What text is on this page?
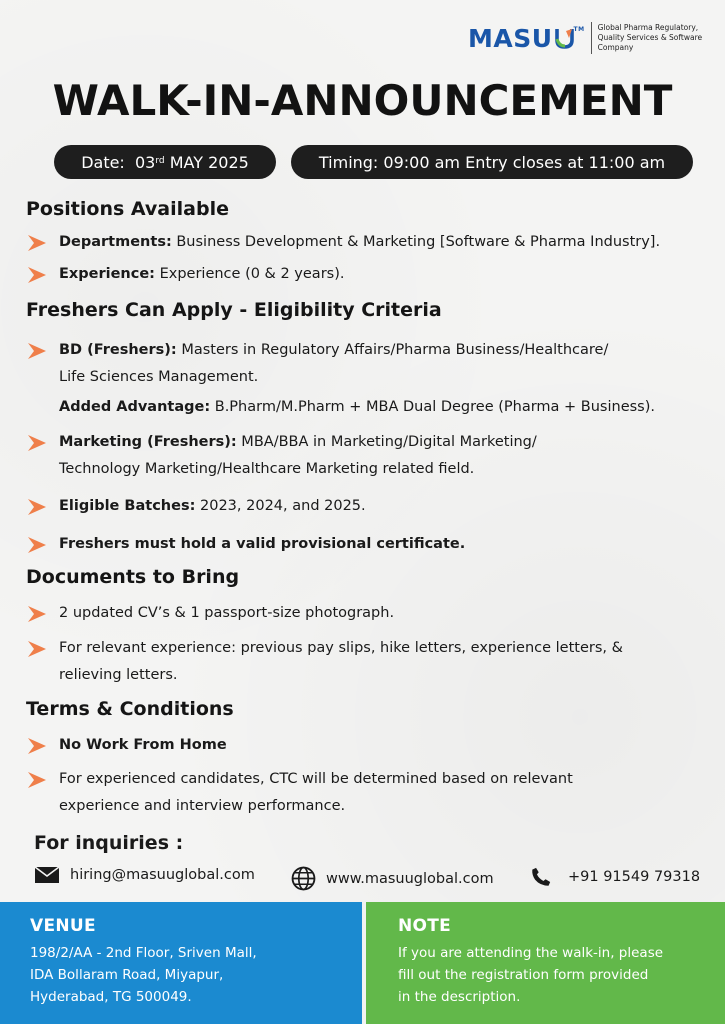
MASU	TM Global Pharma Regulatory,
Quality Services & Software
Company
WALK-IN-ANNOUNCEMENT
Date:  03rd MAY 2025	Timing: 09:00 am Entry closes at 11:00 am
Positions Available
Departments: Business Development & Marketing [Software & Pharma Industry].
Experience: Experience (0 & 2 years).
Freshers Can Apply - Eligibility Criteria
BD (Freshers): Masters in Regulatory Affairs/Pharma Business/Healthcare/
Life Sciences Management.
Added Advantage: B.Pharm/M.Pharm + MBA Dual Degree (Pharma + Business).
Marketing (Freshers): MBA/BBA in Marketing/Digital Marketing/
Technology Marketing/Healthcare Marketing related field.
Eligible Batches: 2023, 2024, and 2025.
Freshers must hold a valid provisional certificate.
Documents to Bring
2 updated CV’s & 1 passport-size photograph.
For relevant experience: previous pay slips, hike letters, experience letters, &
relieving letters.
Terms & Conditions
No Work From Home
For experienced candidates, CTC will be determined based on relevant
experience and interview performance.
For inquiries :
hiring@masuuglobal.com	www.masuuglobal.com	+91 91549 79318
VENUE
198/2/AA - 2nd Floor, Sriven Mall,
IDA Bollaram Road, Miyapur,
Hyderabad, TG 500049.
NOTE
If you are attending the walk-in, please
fill out the registration form provided
in the description.
